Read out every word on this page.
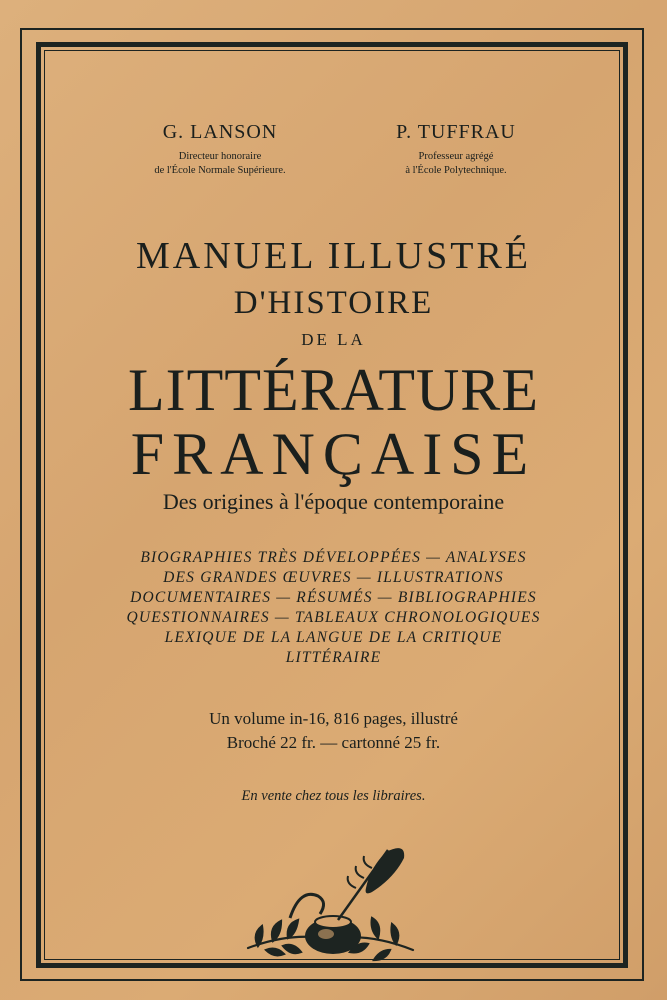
G. LANSON
Directeur honoraire
de l'École Normale Supérieure.
P. TUFFRAU
Professeur agrégé
à l'École Polytechnique.
MANUEL ILLUSTRÉ
D'HISTOIRE
DE LA
LITTÉRATURE
FRANÇAISE
Des origines à l'époque contemporaine
BIOGRAPHIES TRÈS DÉVELOPPÉES — ANALYSES
DES GRANDES ŒUVRES — ILLUSTRATIONS
DOCUMENTAIRES — RÉSUMÉS — BIBLIOGRAPHIES
QUESTIONNAIRES — TABLEAUX CHRONOLOGIQUES
LEXIQUE DE LA LANGUE DE LA CRITIQUE
LITTÉRAIRE
Un volume in-16, 816 pages, illustré
Broché 22 fr. — cartonné 25 fr.
En vente chez tous les libraires.
